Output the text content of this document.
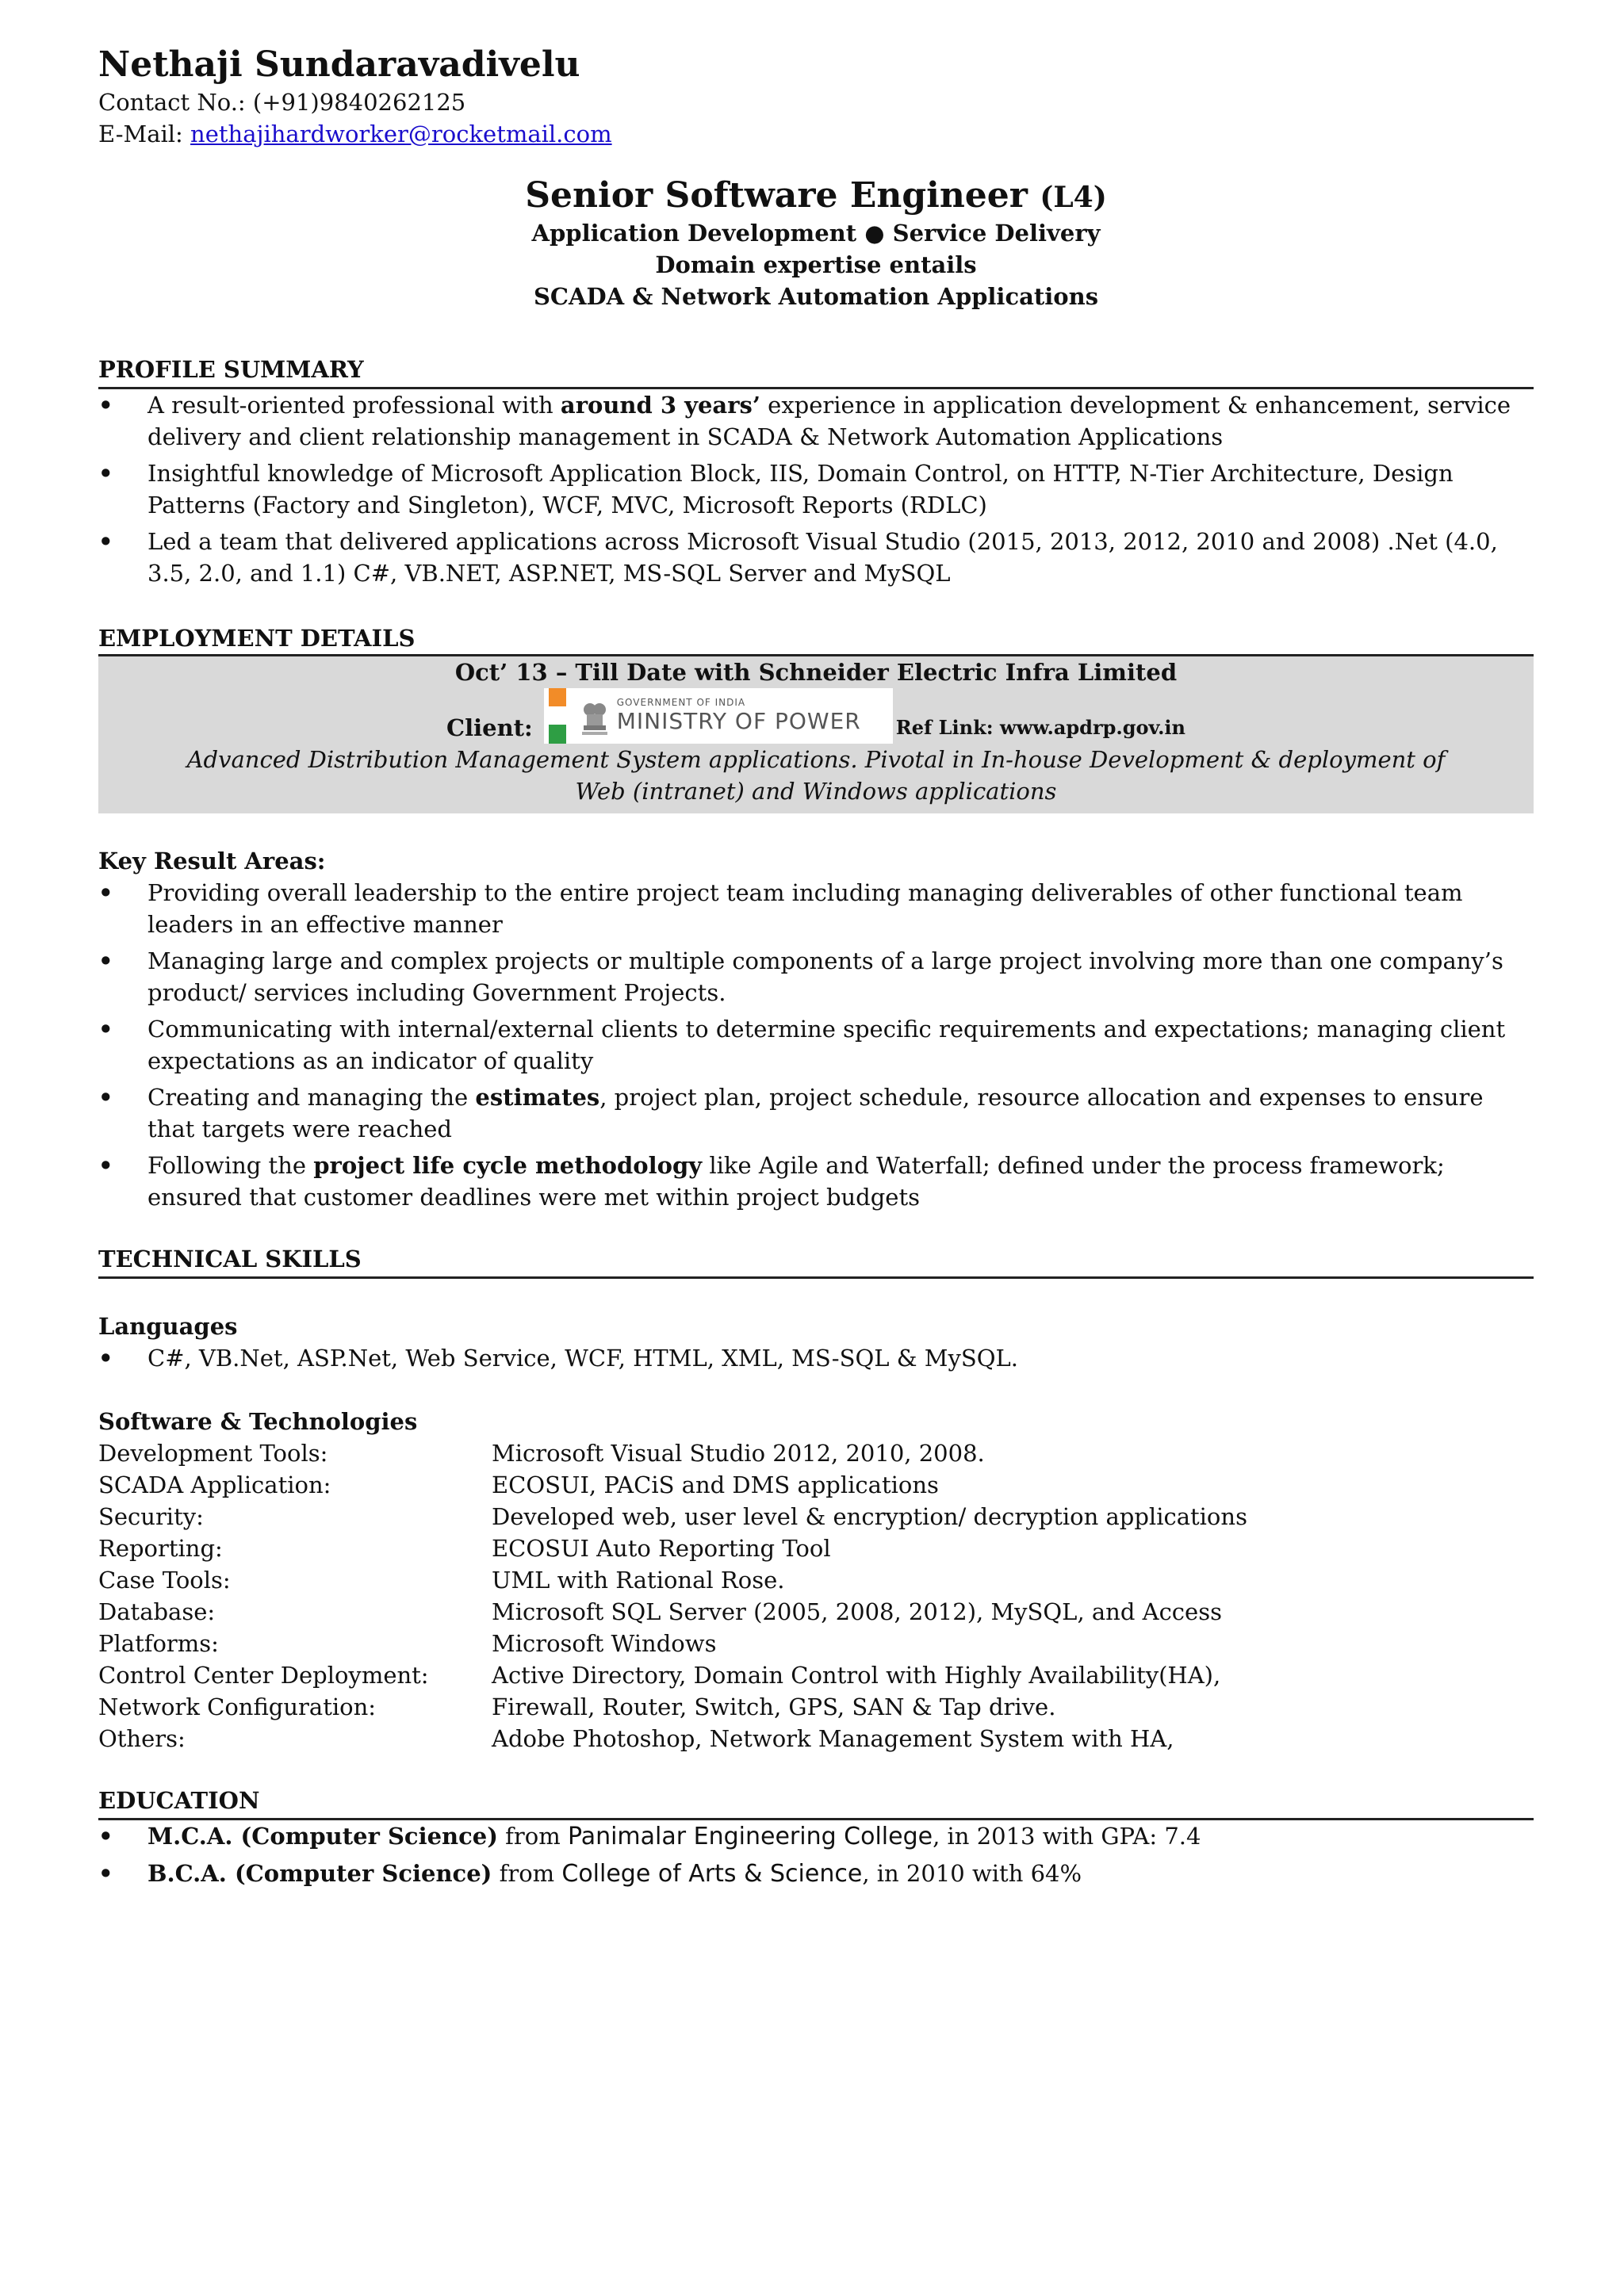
Nethaji Sundaravadivelu
Contact No.: (+91)9840262125
E-Mail: nethajihardworker@rocketmail.com
Senior Software Engineer (L4)
Application Development ● Service Delivery
Domain expertise entails
SCADA & Network Automation Applications
PROFILE SUMMARY
• A result-oriented professional with around 3 years’ experience in application development & enhancement, service delivery and client relationship management in SCADA & Network Automation Applications
• Insightful knowledge of Microsoft Application Block, IIS, Domain Control, on HTTP, N-Tier Architecture, Design Patterns (Factory and Singleton), WCF, MVC, Microsoft Reports (RDLC)
• Led a team that delivered applications across Microsoft Visual Studio (2015, 2013, 2012, 2010 and 2008) .Net (4.0, 3.5, 2.0, and 1.1) C#, VB.NET, ASP.NET, MS-SQL Server and MySQL
EMPLOYMENT DETAILS
Oct’ 13 – Till Date with Schneider Electric Infra Limited
Client:
GOVERNMENT OF INDIA
MINISTRY OF POWER Ref Link: www.apdrp.gov.in
Advanced Distribution Management System applications. Pivotal in In-house Development & deployment of
Web (intranet) and Windows applications
Key Result Areas:
• Providing overall leadership to the entire project team including managing deliverables of other functional team leaders in an effective manner
• Managing large and complex projects or multiple components of a large project involving more than one company’s product/ services including Government Projects.
• Communicating with internal/external clients to determine specific requirements and expectations; managing client expectations as an indicator of quality
• Creating and managing the estimates, project plan, project schedule, resource allocation and expenses to ensure that targets were reached
• Following the project life cycle methodology like Agile and Waterfall; defined under the process framework; ensured that customer deadlines were met within project budgets
TECHNICAL SKILLS
Languages
• C#, VB.Net, ASP.Net, Web Service, WCF, HTML, XML, MS-SQL & MySQL.
Software & Technologies
Development Tools:	Microsoft Visual Studio 2012, 2010, 2008.
SCADA Application:	ECOSUI, PACiS and DMS applications
Security:	Developed web, user level & encryption/ decryption applications
Reporting:	ECOSUI Auto Reporting Tool
Case Tools:	UML with Rational Rose.
Database:	Microsoft SQL Server (2005, 2008, 2012), MySQL, and Access
Platforms:	Microsoft Windows
Control Center Deployment:	Active Directory, Domain Control with Highly Availability(HA),
Network Configuration:	Firewall, Router, Switch, GPS, SAN & Tap drive.
Others:	Adobe Photoshop, Network Management System with HA,
EDUCATION
• M.C.A. (Computer Science) from Panimalar Engineering College, in 2013 with GPA: 7.4
• B.C.A. (Computer Science) from College of Arts & Science, in 2010 with 64%
